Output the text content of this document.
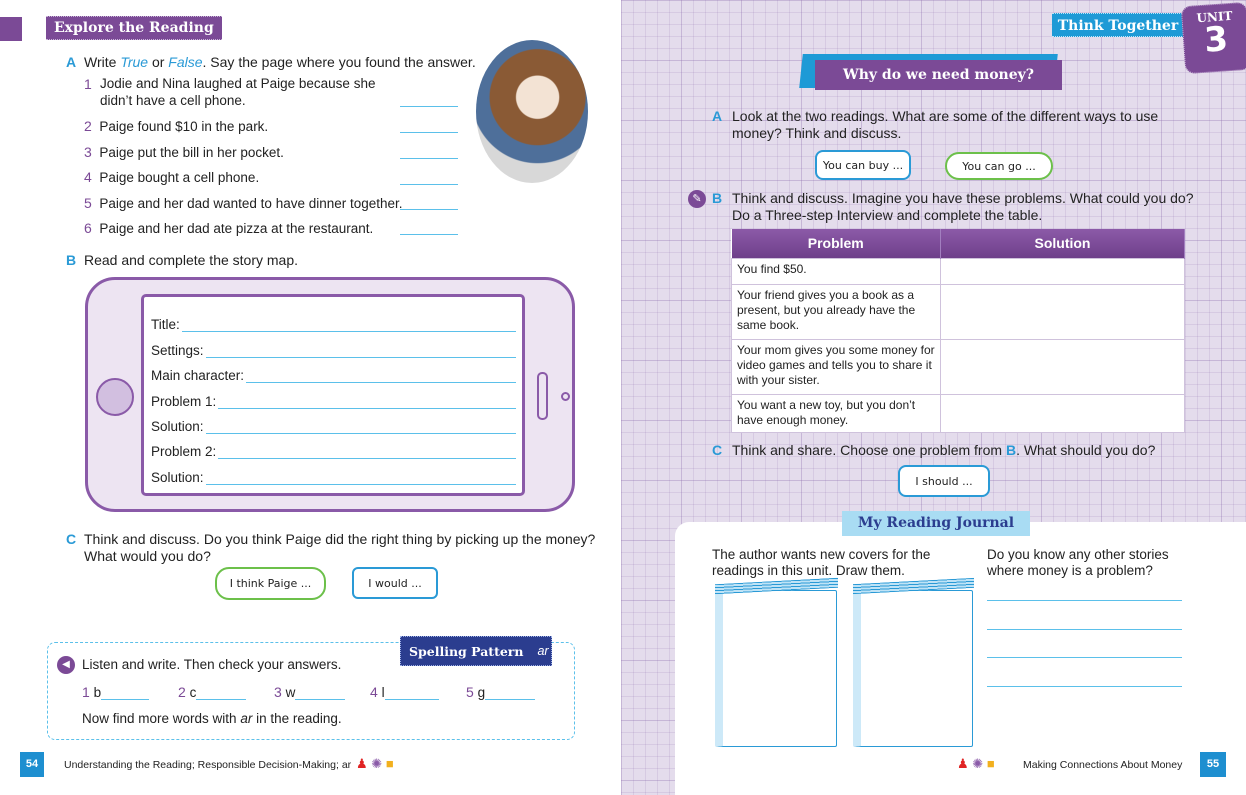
Explore the Reading
A Write True or False. Say the page where you found the answer.
1 Jodie and Nina laughed at Paige because she
didn’t have a cell phone.
2 Paige found $10 in the park.
3 Paige put the bill in her pocket.
4 Paige bought a cell phone.
5 Paige and her dad wanted to have dinner together.
6 Paige and her dad ate pizza at the restaurant.
B Read and complete the story map.
Title:
Settings:
Main character:
Problem 1:
Solution:
Problem 2:
Solution:
C Think and discuss. Do you think Paige did the right thing by picking up the money?
What would you do?
I think Paige ...	I would ...
Spelling Pattern ar
◀ Listen and write. Then check your answers.
1
b	2
c	3
w	4
l	5
g
Now find more words with ar in the reading.
54	Understanding the Reading; Responsible Decision-Making; ar ♟ ✺ ■
Think Together
UNIT
3
Why do we need money?
A Look at the two readings. What are some of the different ways to use
money? Think and discuss.
You can buy ...	You can go ...
✎ B Think and discuss. Imagine you have these problems. What could you do?
Do a Three-step Interview and complete the table.
Problem	Solution
You find $50.	
Your friend gives you a book as a present, but you already have the same book.	
Your mom gives you some money for video games and tells you to share it with your sister.	
You want a new toy, but you don’t have enough money.	
C Think and share. Choose one problem from B. What should you do?
I should ...
My Reading Journal
The author wants new covers for the readings in this unit. Draw them.
Do you know any other stories where money is a problem?
♟ ✺ ■	Making Connections About Money	55
